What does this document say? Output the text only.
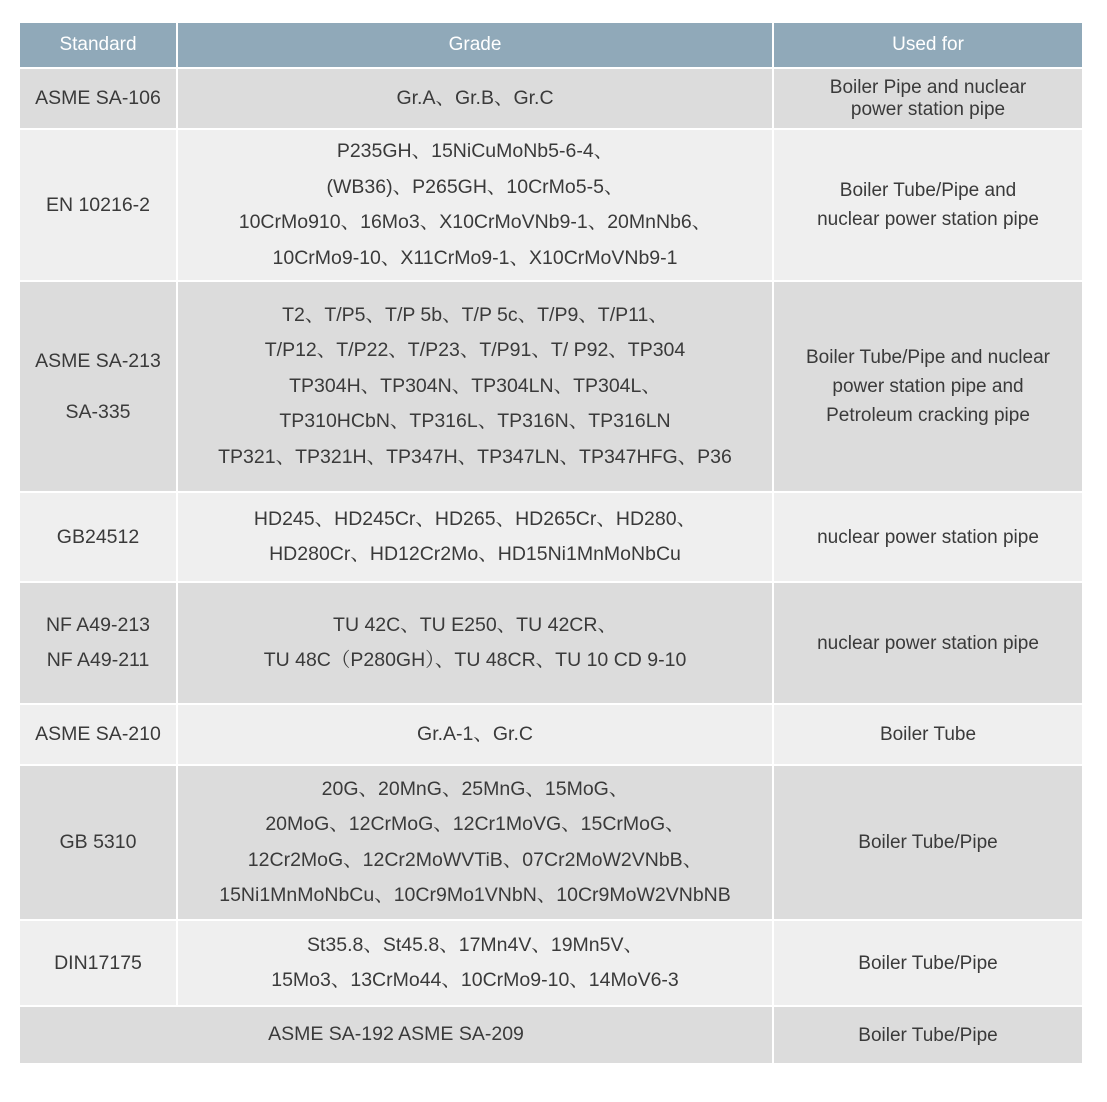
Standard	Grade	Used for

ASME SA-106	Gr.A、Gr.B、Gr.C	Boiler Pipe and nuclear
power station pipe

EN 10216-2	P235GH、15NiCuMoNb5-6-4、
(WB36)、P265GH、10CrMo5-5、
10CrMo910、16Mo3、X10CrMoVNb9-1、20MnNb6、
10CrMo9-10、X11CrMo9-1、X10CrMoVNb9-1	Boiler Tube/Pipe and
nuclear power station pipe

ASME SA-213
SA-335	T2、T/P5、T/P 5b、T/P 5c、T/P9、T/P11、
T/P12、T/P22、T/P23、T/P91、T/ P92、TP304
TP304H、TP304N、TP304LN、TP304L、
TP310HCbN、TP316L、TP316N、TP316LN
TP321、TP321H、TP347H、TP347LN、TP347HFG、P36	Boiler Tube/Pipe and nuclear
power station pipe and
Petroleum cracking pipe

GB24512	HD245、HD245Cr、HD265、HD265Cr、HD280、
HD280Cr、HD12Cr2Mo、HD15Ni1MnMoNbCu	nuclear power station pipe

NF A49-213
NF A49-211	TU 42C、TU E250、TU 42CR、
TU 48C（P280GH）、TU 48CR、TU 10 CD 9-10	nuclear power station pipe

ASME SA-210	Gr.A-1、Gr.C	Boiler Tube

GB 5310	20G、20MnG、25MnG、15MoG、
20MoG、12CrMoG、12Cr1MoVG、15CrMoG、
12Cr2MoG、12Cr2MoWVTiB、07Cr2MoW2VNbB、
15Ni1MnMoNbCu、10Cr9Mo1VNbN、10Cr9MoW2VNbNB	Boiler Tube/Pipe

DIN17175	St35.8、St45.8、17Mn4V、19Mn5V、
15Mo3、13CrMo44、10CrMo9-10、14MoV6-3	Boiler Tube/Pipe

ASME SA-192 ASME SA-209		Boiler Tube/Pipe
